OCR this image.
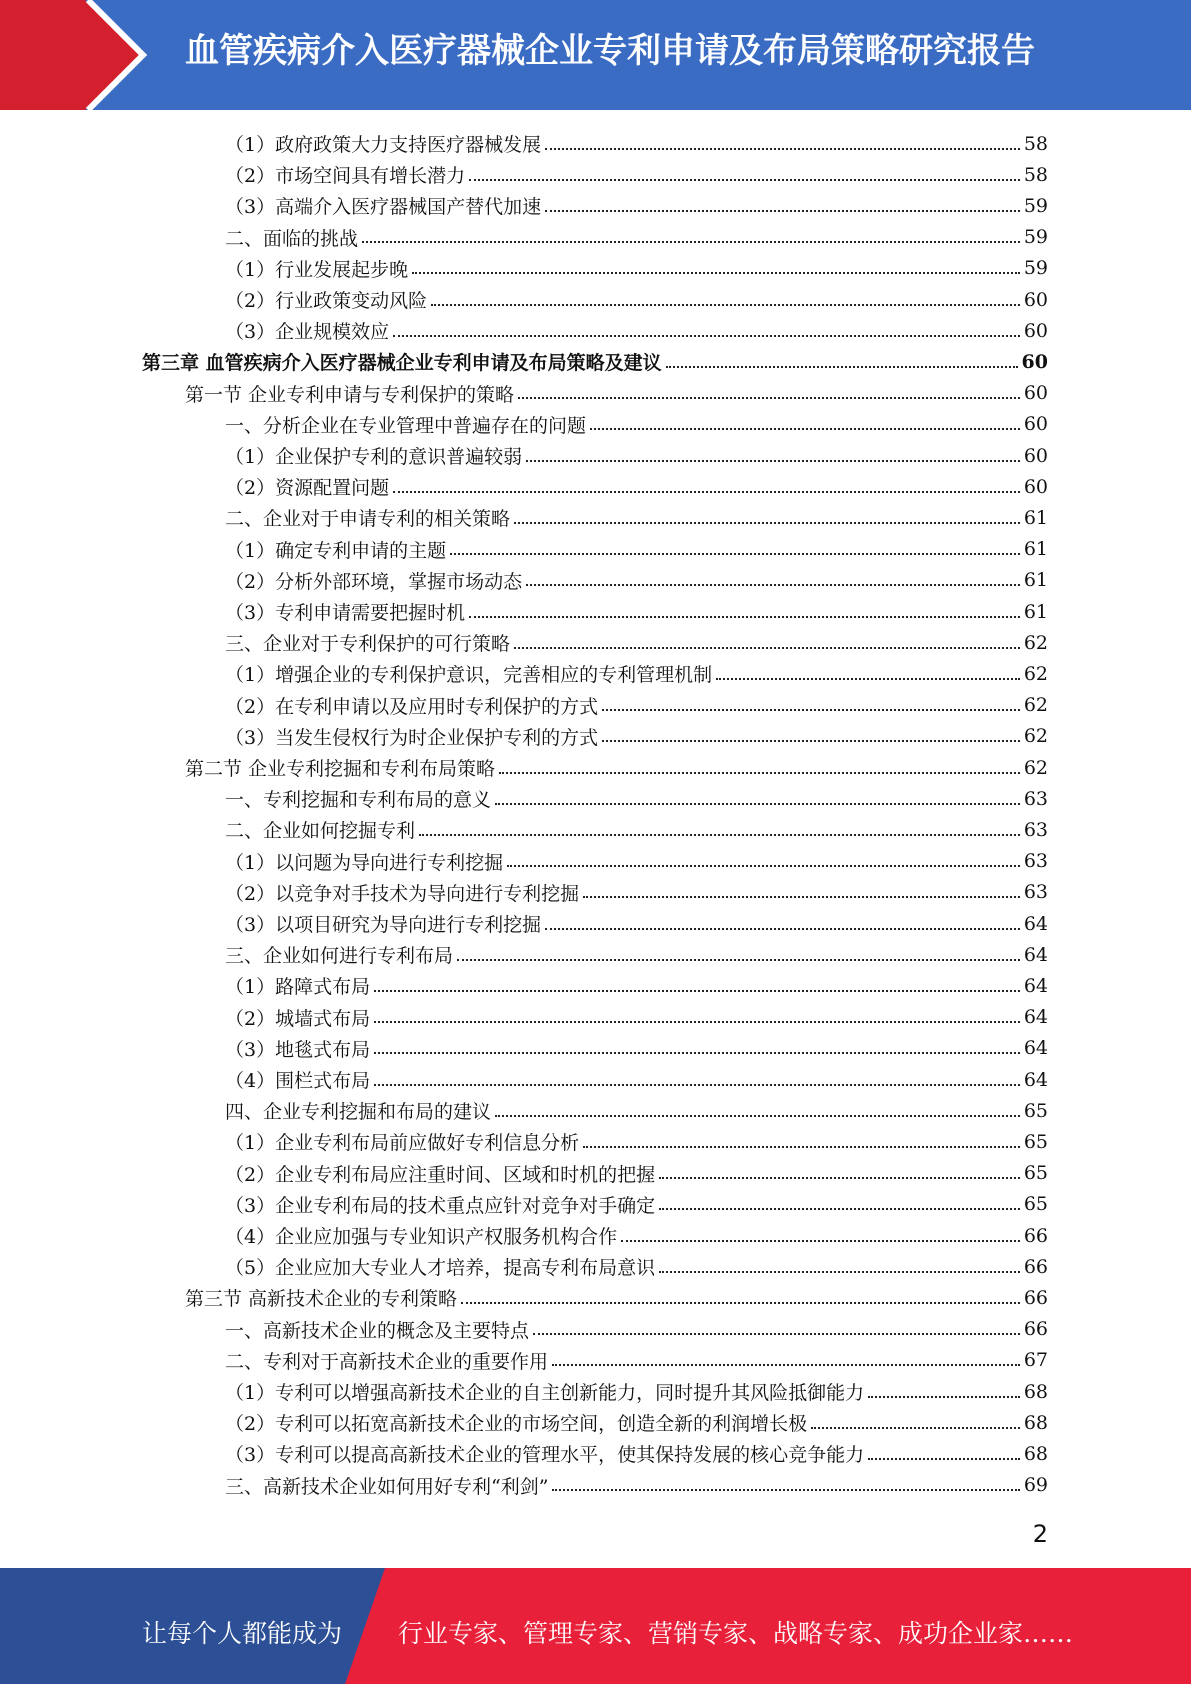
血管疾病介入医疗器械企业专利申请及布局策略研究报告
（1）政府政策大力支持医疗器械发展	58
（2）市场空间具有增长潜力	58
（3）高端介入医疗器械国产替代加速	59
二、面临的挑战	59
（1）行业发展起步晚	59
（2）行业政策变动风险	60
（3）企业规模效应	60
第三章 血管疾病介入医疗器械企业专利申请及布局策略及建议	60
第一节 企业专利申请与专利保护的策略	60
一、分析企业在专业管理中普遍存在的问题	60
（1）企业保护专利的意识普遍较弱	60
（2）资源配置问题	60
二、企业对于申请专利的相关策略	61
（1）确定专利申请的主题	61
（2）分析外部环境，掌握市场动态	61
（3）专利申请需要把握时机	61
三、企业对于专利保护的可行策略	62
（1）增强企业的专利保护意识，完善相应的专利管理机制	62
（2）在专利申请以及应用时专利保护的方式	62
（3）当发生侵权行为时企业保护专利的方式	62
第二节 企业专利挖掘和专利布局策略	62
一、专利挖掘和专利布局的意义	63
二、企业如何挖掘专利	63
（1）以问题为导向进行专利挖掘	63
（2）以竞争对手技术为导向进行专利挖掘	63
（3）以项目研究为导向进行专利挖掘	64
三、企业如何进行专利布局	64
（1）路障式布局	64
（2）城墙式布局	64
（3）地毯式布局	64
（4）围栏式布局	64
四、企业专利挖掘和布局的建议	65
（1）企业专利布局前应做好专利信息分析	65
（2）企业专利布局应注重时间、区域和时机的把握	65
（3）企业专利布局的技术重点应针对竞争对手确定	65
（4）企业应加强与专业知识产权服务机构合作	66
（5）企业应加大专业人才培养，提高专利布局意识	66
第三节 高新技术企业的专利策略	66
一、高新技术企业的概念及主要特点	66
二、专利对于高新技术企业的重要作用	67
（1）专利可以增强高新技术企业的自主创新能力，同时提升其风险抵御能力	68
（2）专利可以拓宽高新技术企业的市场空间，创造全新的利润增长极	68
（3）专利可以提高高新技术企业的管理水平，使其保持发展的核心竞争能力	68
三、高新技术企业如何用好专利“利剑”	69
2
让每个人都能成为 行业专家、管理专家、营销专家、战略专家、成功企业家……
